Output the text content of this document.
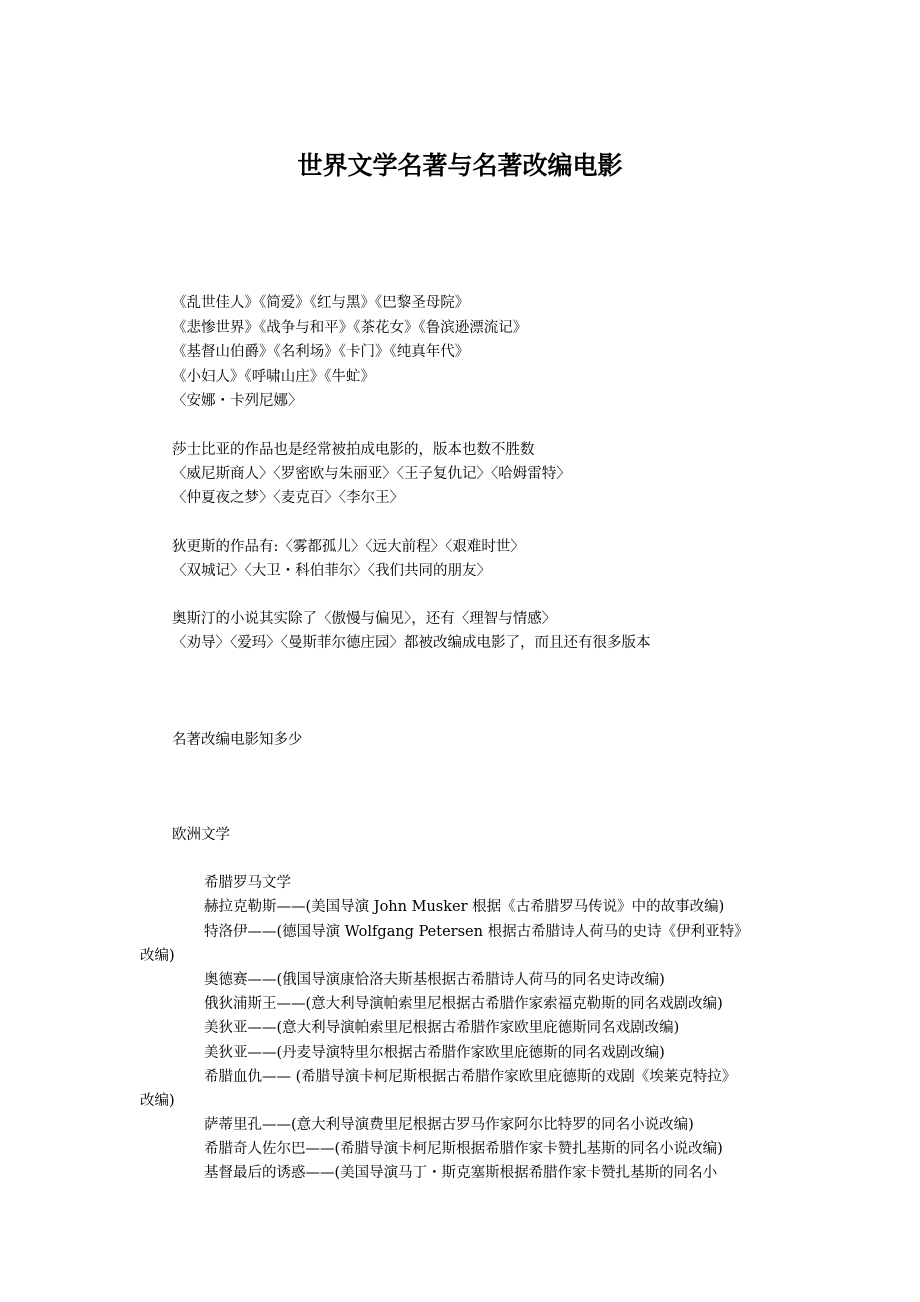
世界文学名著与名著改编电影
《乱世佳人》《简爱》《红与黑》《巴黎圣母院》
《悲惨世界》《战争与和平》《茶花女》《鲁滨逊漂流记》
《基督山伯爵》《名利场》《卡门》《纯真年代》
《小妇人》《呼啸山庄》《牛虻》
〈安娜・卡列尼娜〉
莎士比亚的作品也是经常被拍成电影的，版本也数不胜数
〈威尼斯商人〉〈罗密欧与朱丽亚〉〈王子复仇记〉〈哈姆雷特〉
〈仲夏夜之梦〉〈麦克百〉〈李尔王〉
狄更斯的作品有:〈雾都孤儿〉〈远大前程〉〈艰难时世〉
〈双城记〉〈大卫・科伯菲尔〉〈我们共同的朋友〉
奥斯汀的小说其实除了〈傲慢与偏见〉，还有〈理智与情感〉
〈劝导〉〈爱玛〉〈曼斯菲尔德庄园〉都被改编成电影了，而且还有很多版本
名著改编电影知多少
欧洲文学
希腊罗马文学
赫拉克勒斯——(美国导演 John Musker 根据《古希腊罗马传说》中的故事改编)
特洛伊——(德国导演 Wolfgang Petersen 根据古希腊诗人荷马的史诗《伊利亚特》
改编)
奥德赛——(俄国导演康恰洛夫斯基根据古希腊诗人荷马的同名史诗改编)
俄狄浦斯王——(意大利导演帕索里尼根据古希腊作家索福克勒斯的同名戏剧改编)
美狄亚——(意大利导演帕索里尼根据古希腊作家欧里庇德斯同名戏剧改编)
美狄亚——(丹麦导演特里尔根据古希腊作家欧里庇德斯的同名戏剧改编)
希腊血仇—— (希腊导演卡柯尼斯根据古希腊作家欧里庇德斯的戏剧《埃莱克特拉》
改编)
萨蒂里孔——(意大利导演费里尼根据古罗马作家阿尔比特罗的同名小说改编)
希腊奇人佐尔巴——(希腊导演卡柯尼斯根据希腊作家卡赞扎基斯的同名小说改编)
基督最后的诱惑——(美国导演马丁・斯克塞斯根据希腊作家卡赞扎基斯的同名小
